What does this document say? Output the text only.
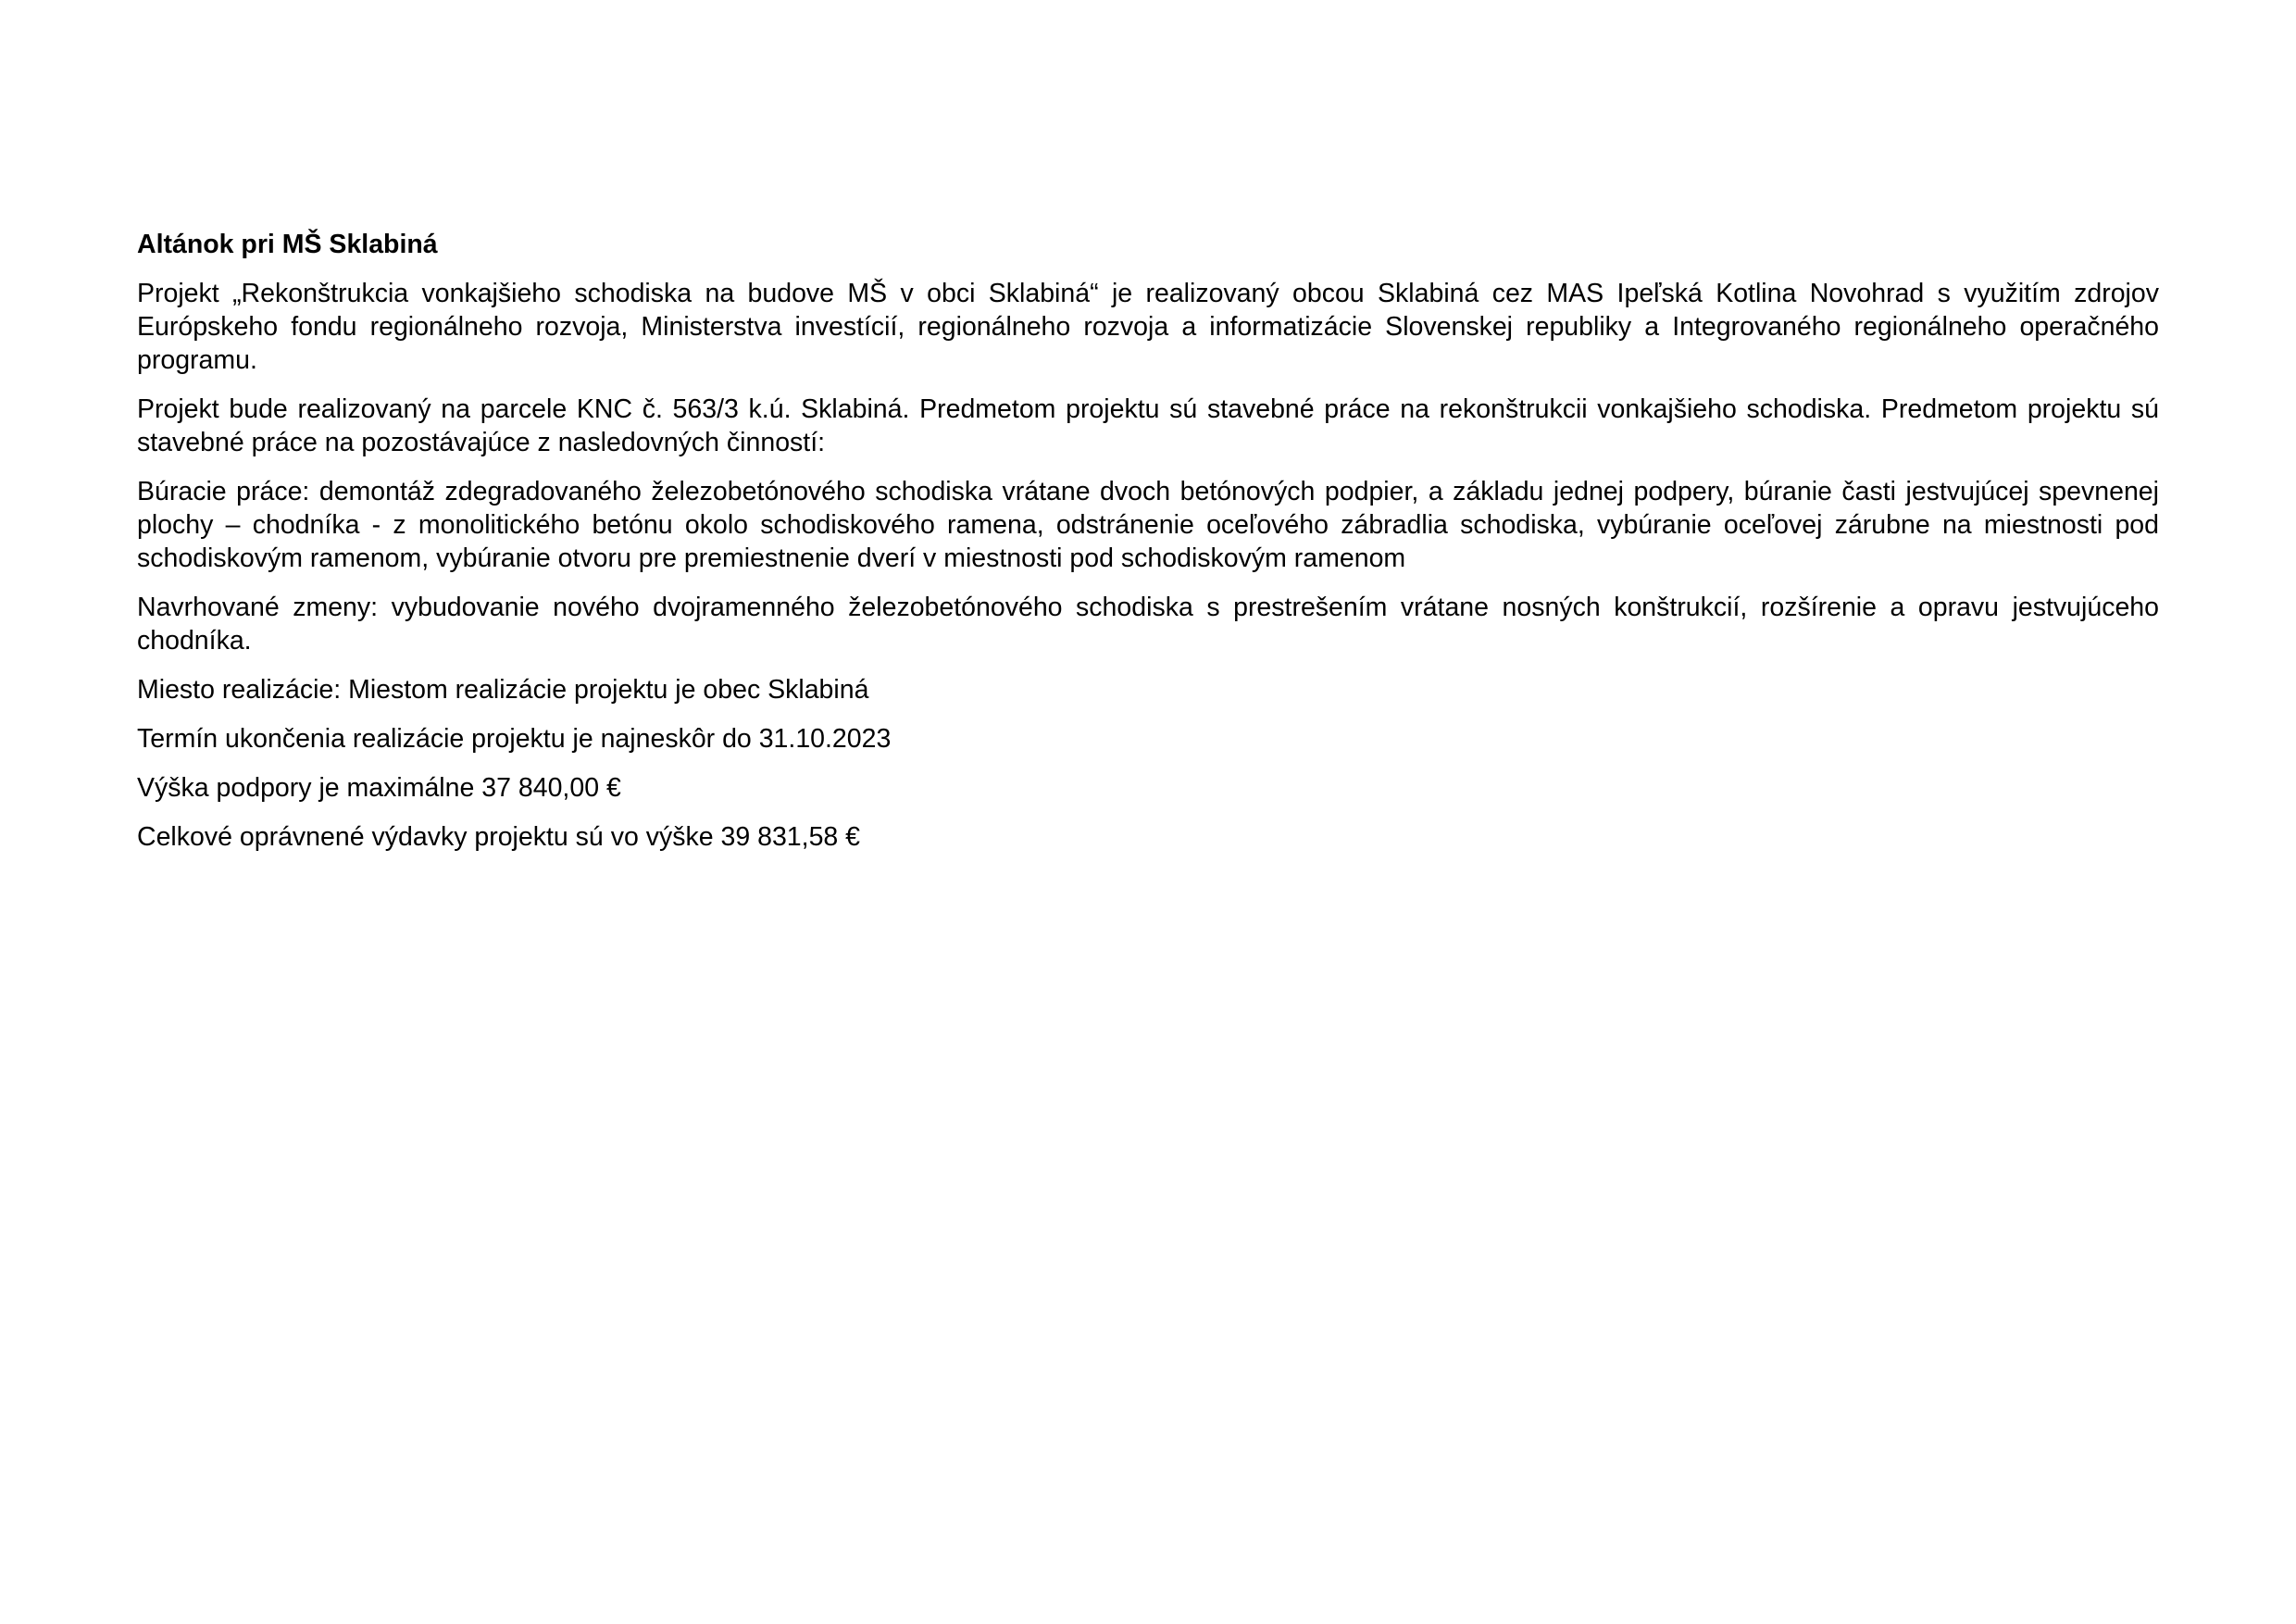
Altánok pri MŠ Sklabiná
Projekt „Rekonštrukcia vonkajšieho schodiska na budove MŠ v obci Sklabiná“ je realizovaný obcou Sklabiná cez MAS Ipeľská Kotlina Novohrad s využitím zdrojov Európskeho fondu regionálneho rozvoja, Ministerstva investícií, regionálneho rozvoja a informatizácie Slovenskej republiky a Integrovaného regionálneho operačného programu.
Projekt bude realizovaný na parcele KNC č. 563/3 k.ú. Sklabiná. Predmetom projektu sú stavebné práce na rekonštrukcii vonkajšieho schodiska. Predmetom projektu sú stavebné práce na pozostávajúce z nasledovných činností:
Búracie práce: demontáž zdegradovaného železobetónového schodiska vrátane dvoch betónových podpier, a základu jednej podpery, búranie časti jestvujúcej spevnenej plochy – chodníka - z monolitického betónu okolo schodiskového ramena, odstránenie oceľového zábradlia schodiska, vybúranie oceľovej zárubne na miestnosti pod schodiskovým ramenom, vybúranie otvoru pre premiestnenie dverí v miestnosti pod schodiskovým ramenom
Navrhované zmeny: vybudovanie nového dvojramenného železobetónového schodiska s prestrešením vrátane nosných konštrukcií, rozšírenie a opravu jestvujúceho chodníka.
Miesto realizácie: Miestom realizácie projektu je obec Sklabiná
Termín ukončenia realizácie projektu je najneskôr do 31.10.2023
Výška podpory je maximálne 37 840,00 €
Celkové oprávnené výdavky projektu sú vo výške 39 831,58 €
